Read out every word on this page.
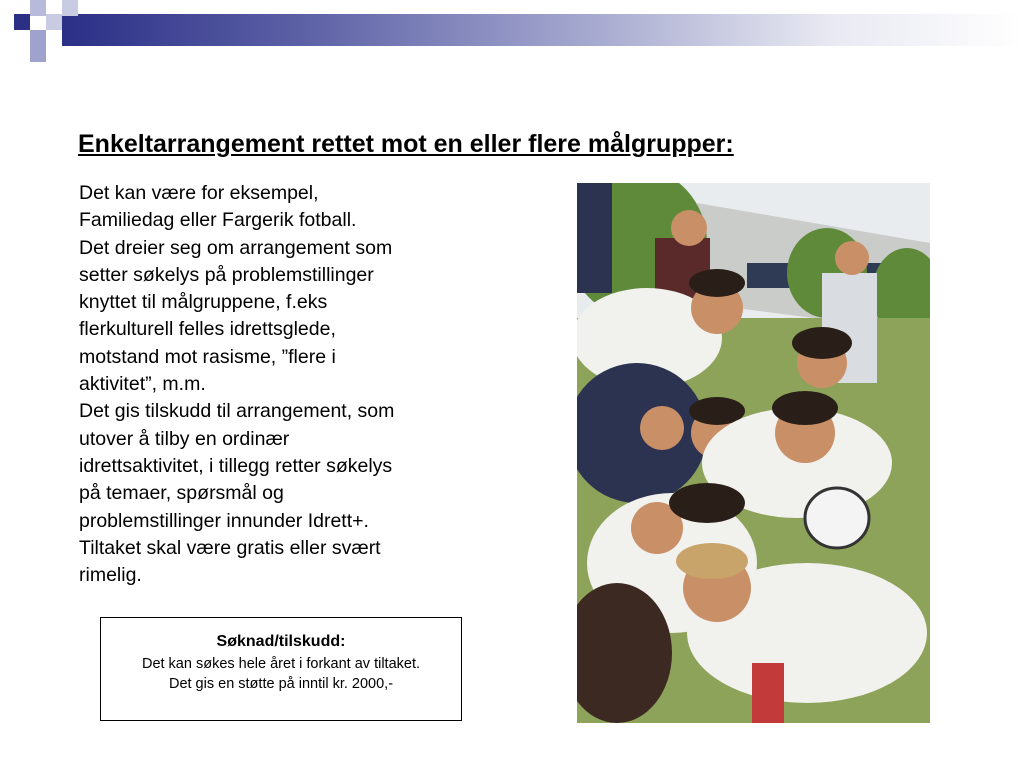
Enkeltarrangement rettet mot en eller flere målgrupper:

Det kan være for eksempel,

Familiedag eller Fargerik fotball.

Det dreier seg om arrangement som

setter søkelys på problemstillinger

knyttet til målgruppene, f.eks

flerkulturell felles idrettsglede,

motstand mot rasisme, ”flere i

aktivitet”, m.m.

Det gis tilskudd til arrangement, som

utover å tilby en ordinær

idrettsaktivitet, i tillegg retter søkelys

på temaer, spørsmål og

problemstillinger innunder Idrett+.

Tiltaket skal være gratis eller svært

rimelig.

Søknad/tilskudd:
Det kan søkes hele året i forkant av tiltaket.
Det gis en støtte på inntil kr. 2000,-
